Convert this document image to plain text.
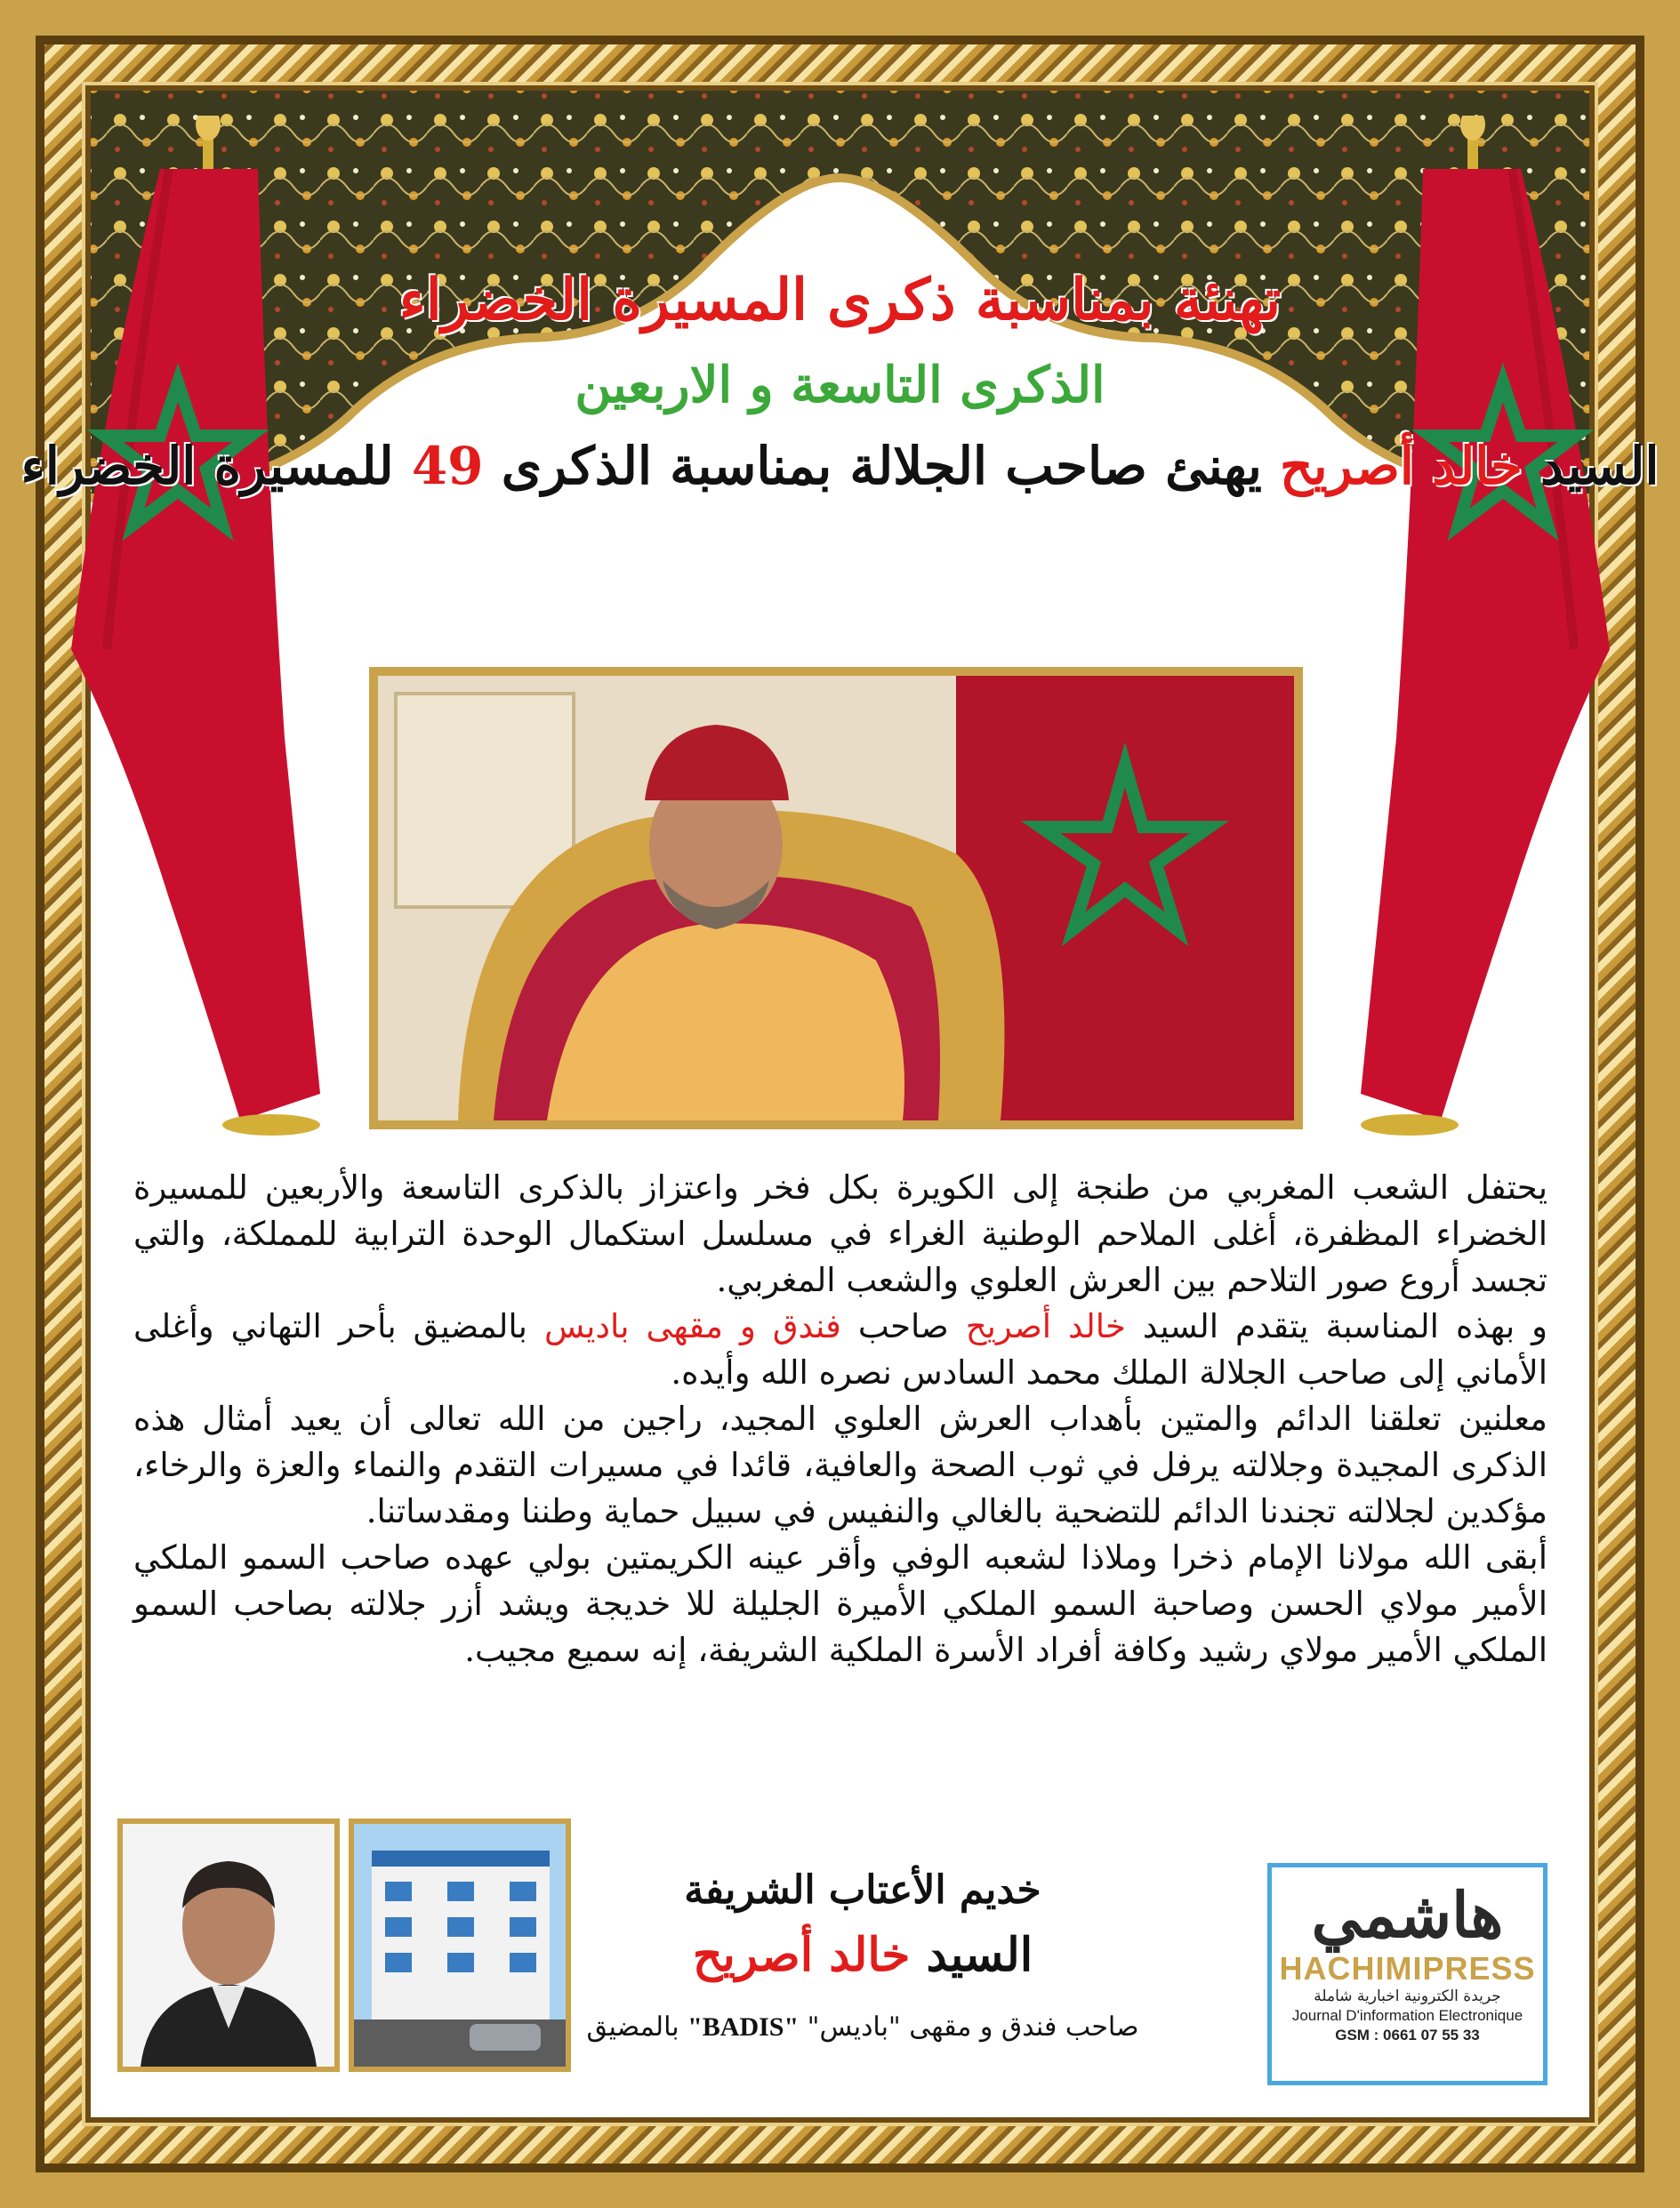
تهنئة بمناسبة ذكرى المسيرة الخضراء
الذكرى التاسعة و الاربعين
السيد خالد أصريح يهنئ صاحب الجلالة بمناسبة الذكرى 49 للمسيرة الخضراء

يحتفل الشعب المغربي من طنجة إلى الكويرة بكل فخر واعتزاز بالذكرى التاسعة والأربعين للمسيرة الخضراء المظفرة، أغلى الملاحم الوطنية الغراء في مسلسل استكمال الوحدة الترابية للمملكة، والتي تجسد أروع صور التلاحم بين العرش العلوي والشعب المغربي.

و بهذه المناسبة يتقدم السيد خالد أصريح صاحب فندق و مقهى باديس بالمضيق بأحر التهاني وأغلى الأماني إلى صاحب الجلالة الملك محمد السادس نصره الله وأيده.

معلنين تعلقنا الدائم والمتين بأهداب العرش العلوي المجيد، راجين من الله تعالى أن يعيد أمثال هذه الذكرى المجيدة وجلالته يرفل في ثوب الصحة والعافية، قائدا في مسيرات التقدم والنماء والعزة والرخاء، مؤكدين لجلالته تجندنا الدائم للتضحية بالغالي والنفيس في سبيل حماية وطننا ومقدساتنا.

أبقى الله مولانا الإمام ذخرا وملاذا لشعبه الوفي وأقر عينه الكريمتين بولي عهده صاحب السمو الملكي الأمير مولاي الحسن وصاحبة السمو الملكي الأميرة الجليلة للا خديجة ويشد أزر جلالته بصاحب السمو الملكي الأمير مولاي رشيد وكافة أفراد الأسرة الملكية الشريفة، إنه سميع مجيب.

خديم الأعتاب الشريفة
السيد خالد أصريح
صاحب فندق و مقهى "باديس" "BADIS" بالمضيق
هاشمي
HACHIMIPRESS
جريدة الكترونية اخبارية شاملة
Journal D'information Electronique
GSM : 0661 07 55 33
